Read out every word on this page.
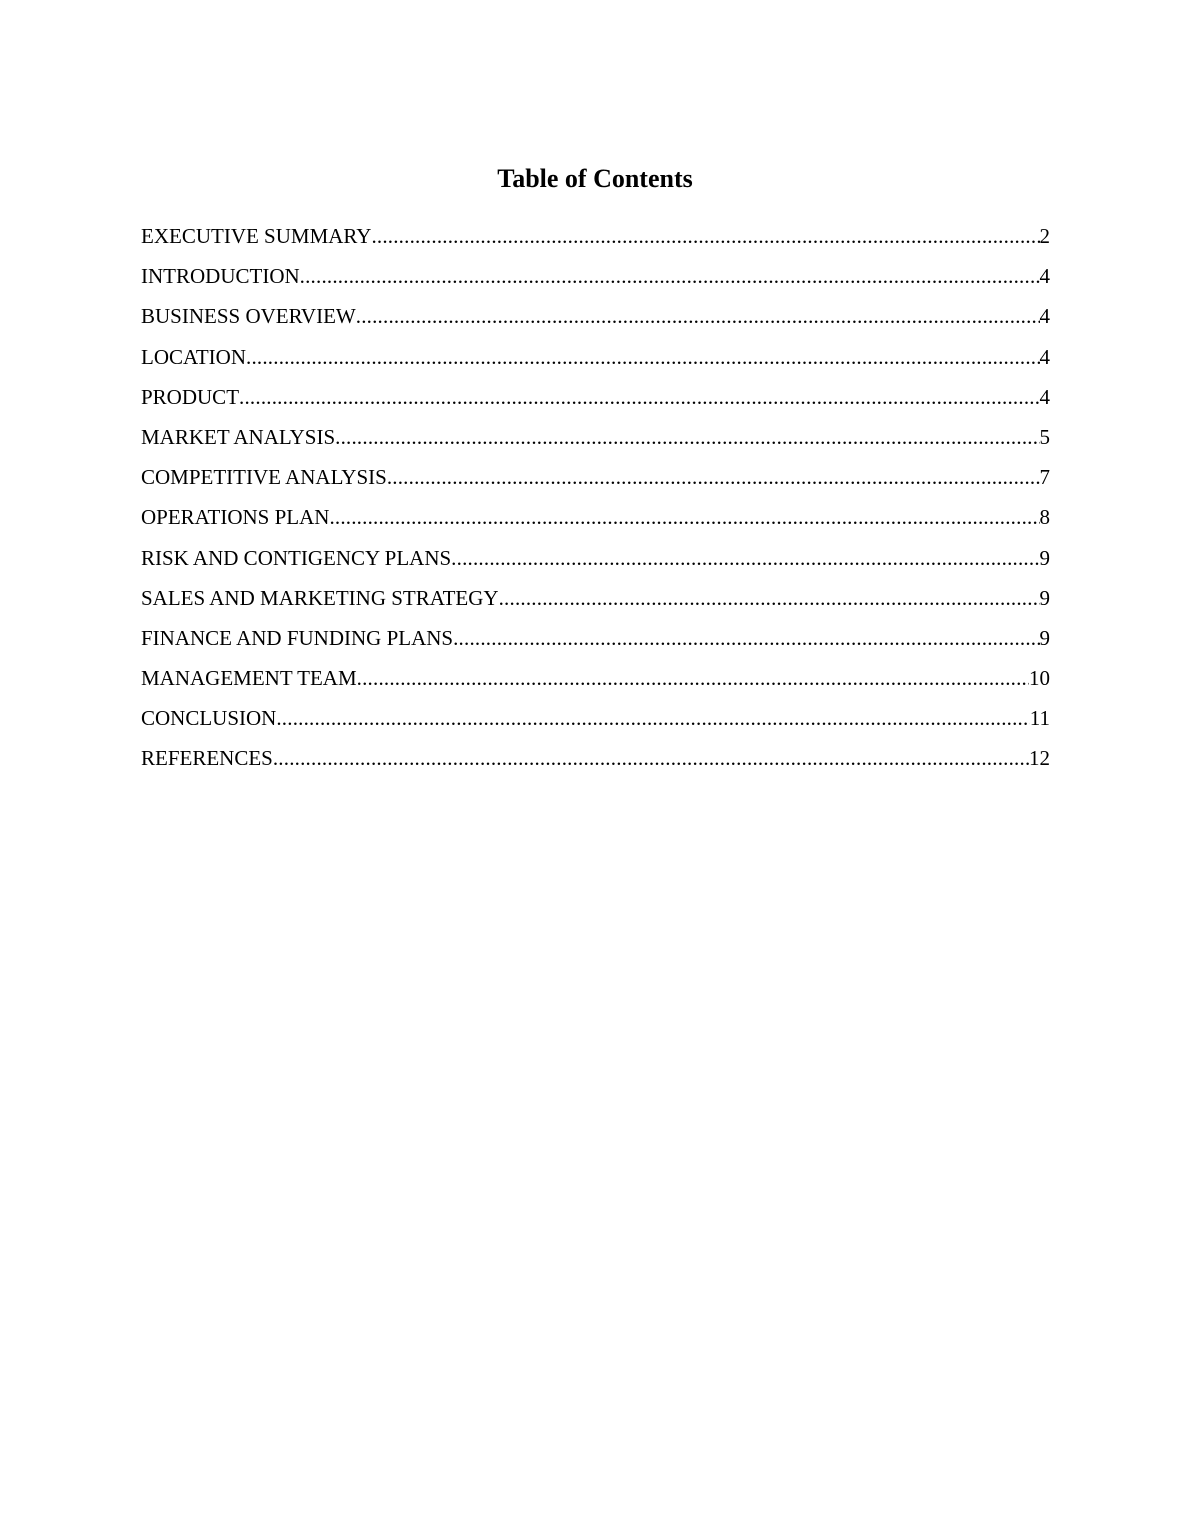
Table of Contents
EXECUTIVE SUMMARY .....	2
INTRODUCTION .....	4
BUSINESS OVERVIEW .....	4
LOCATION .....	4
PRODUCT .....	4
MARKET ANALYSIS .....	5
COMPETITIVE ANALYSIS .....	7
OPERATIONS PLAN .....	8
RISK AND CONTIGENCY PLANS .....	9
SALES AND MARKETING STRATEGY .....	9
FINANCE AND FUNDING PLANS .....	9
MANAGEMENT TEAM .....	10
CONCLUSION .....	11
REFERENCES .....	12
